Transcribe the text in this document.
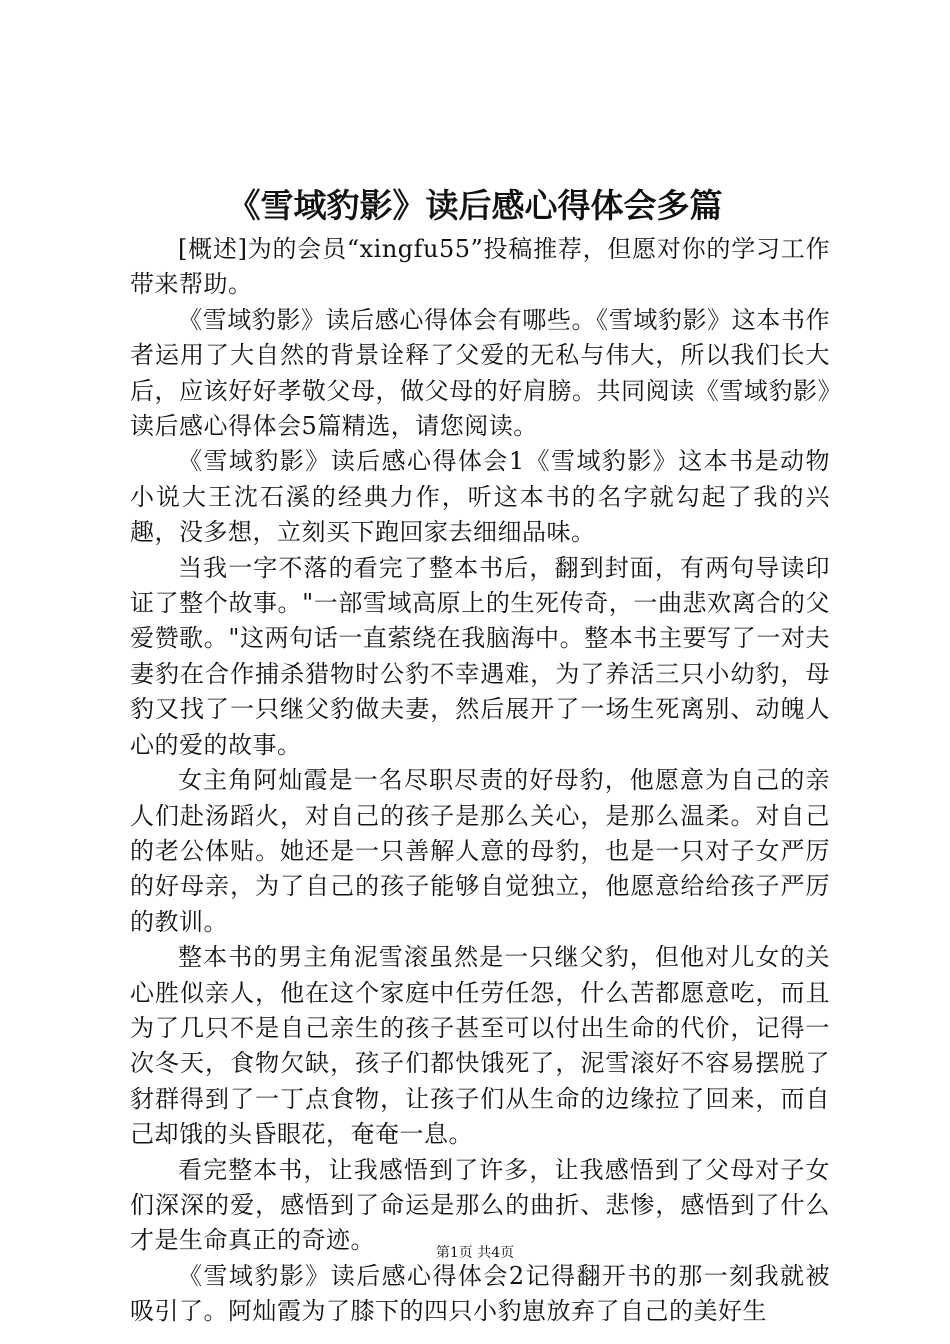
《雪域豹影》读后感心得体会多篇

[概述]为的会员“xingfu55”投稿推荐，但愿对你的学习工作带来帮助。

《雪域豹影》读后感心得体会有哪些。《雪域豹影》这本书作者运用了大自然的背景诠释了父爱的无私与伟大，所以我们长大后，应该好好孝敬父母，做父母的好肩膀。共同阅读《雪域豹影》读后感心得体会5篇精选，请您阅读。

《雪域豹影》读后感心得体会1《雪域豹影》这本书是动物小说大王沈石溪的经典力作，听这本书的名字就勾起了我的兴趣，没多想，立刻买下跑回家去细细品味。

当我一字不落的看完了整本书后，翻到封面，有两句导读印证了整个故事。"一部雪域高原上的生死传奇，一曲悲欢离合的父爱赞歌。"这两句话一直萦绕在我脑海中。整本书主要写了一对夫妻豹在合作捕杀猎物时公豹不幸遇难，为了养活三只小幼豹，母豹又找了一只继父豹做夫妻，然后展开了一场生死离别、动魄人心的爱的故事。

女主角阿灿霞是一名尽职尽责的好母豹，他愿意为自己的亲人们赴汤蹈火，对自己的孩子是那么关心，是那么温柔。对自己的老公体贴。她还是一只善解人意的母豹，也是一只对子女严厉的好母亲，为了自己的孩子能够自觉独立，他愿意给给孩子严厉的教训。

整本书的男主角泥雪滚虽然是一只继父豹，但他对儿女的关心胜似亲人，他在这个家庭中任劳任怨，什么苦都愿意吃，而且为了几只不是自己亲生的孩子甚至可以付出生命的代价，记得一次冬天，食物欠缺，孩子们都快饿死了，泥雪滚好不容易摆脱了豺群得到了一丁点食物，让孩子们从生命的边缘拉了回来，而自己却饿的头昏眼花，奄奄一息。

看完整本书，让我感悟到了许多，让我感悟到了父母对子女们深深的爱，感悟到了命运是那么的曲折、悲惨，感悟到了什么才是生命真正的奇迹。

《雪域豹影》读后感心得体会2记得翻开书的那一刻我就被吸引了。阿灿霞为了膝下的四只小豹崽放弃了自己的美好生

第1页 共4页
